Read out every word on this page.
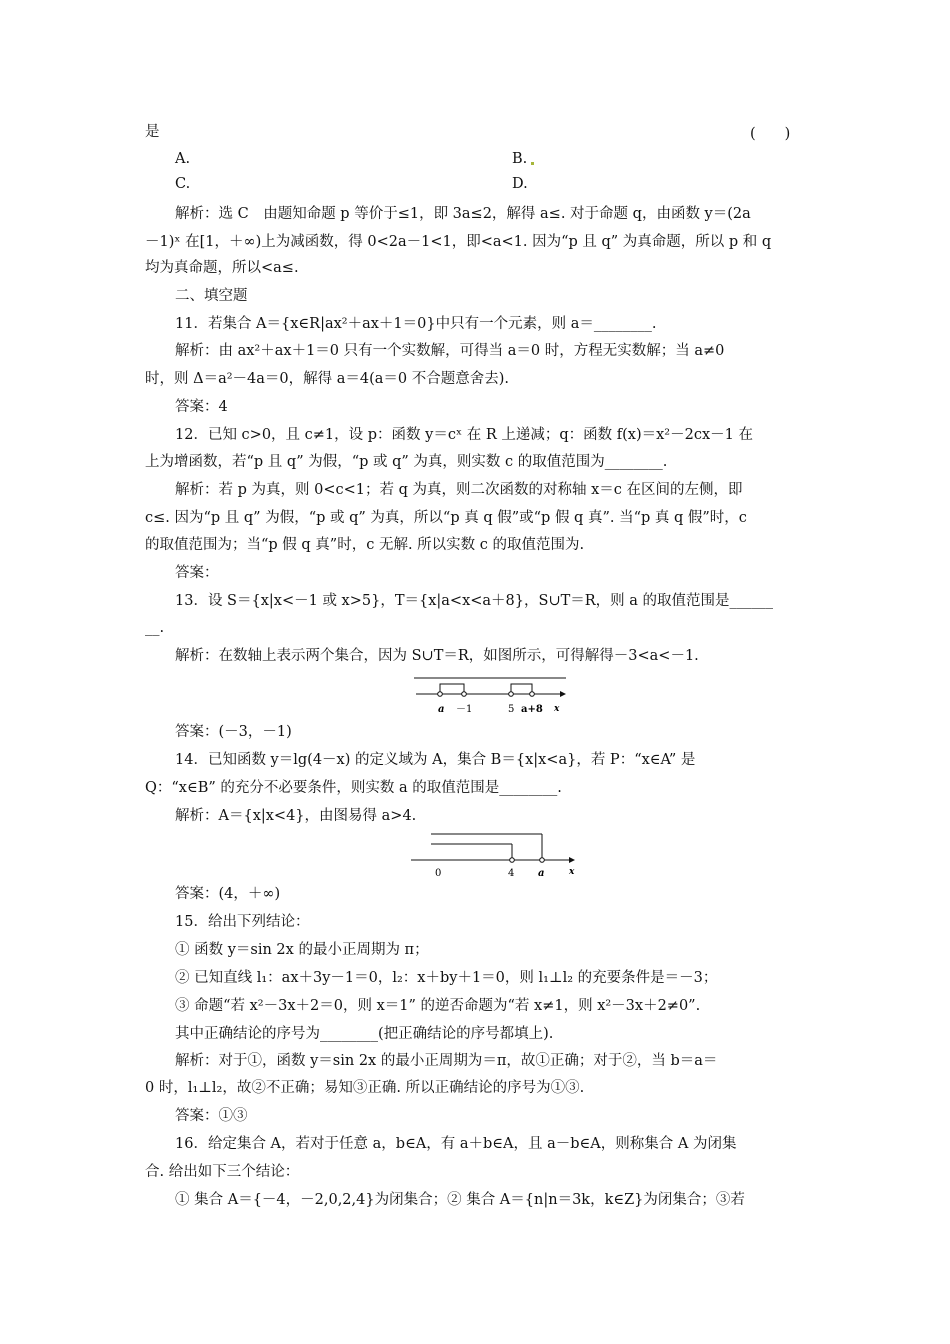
是	(　　)
A.	B.
C.	D.
解析：选 C　由题知命题 p 等价于≤1，即 3a≤2，解得 a≤. 对于命题 q，由函数 y＝(2a
－1)ˣ 在[1，＋∞)上为减函数，得 0<2a－1<1，即<a<1. 因为“p 且 q” 为真命题，所以 p 和 q
均为真命题，所以<a≤.
二、填空题
11．若集合 A＝{x∈R|ax²＋ax＋1＝0}中只有一个元素，则 a＝________.
解析：由 ax²＋ax＋1＝0 只有一个实数解，可得当 a＝0 时，方程无实数解；当 a≠0
时，则 Δ＝a²－4a＝0，解得 a＝4(a＝0 不合题意舍去).
答案：4
12．已知 c>0，且 c≠1，设 p：函数 y＝cˣ 在 R 上递减；q：函数 f(x)＝x²－2cx－1 在
上为增函数，若“p 且 q” 为假，“p 或 q” 为真，则实数 c 的取值范围为________.
解析：若 p 为真，则 0<c<1；若 q 为真，则二次函数的对称轴 x＝c 在区间的左侧，即
c≤. 因为“p 且 q” 为假，“p 或 q” 为真，所以“p 真 q 假”或“p 假 q 真”. 当“p 真 q 假”时，c
的取值范围为；当“p 假 q 真”时，c 无解. 所以实数 c 的取值范围为.
答案：
13．设 S＝{x|x<－1 或 x>5}，T＝{x|a<x<a＋8}，S∪T＝R，则 a 的取值范围是______
__.
解析：在数轴上表示两个集合，因为 S∪T＝R，如图所示，可得解得－3<a<－1.
a －1	5 a+8 x
答案：(－3，－1)
14．已知函数 y＝lg(4－x) 的定义域为 A，集合 B＝{x|x<a}，若 P：“x∈A” 是
Q：“x∈B” 的充分不必要条件，则实数 a 的取值范围是________.
解析：A＝{x|x<4}，由图易得 a>4.
0	4 a	x
答案：(4，＋∞)
15．给出下列结论：
① 函数 y＝sin 2x 的最小正周期为 π；
② 已知直线 l₁：ax＋3y－1＝0，l₂：x＋by＋1＝0，则 l₁⊥l₂ 的充要条件是＝－3；
③ 命题“若 x²－3x＋2＝0，则 x＝1” 的逆否命题为“若 x≠1，则 x²－3x＋2≠0”.
其中正确结论的序号为________(把正确结论的序号都填上).
解析：对于①，函数 y＝sin 2x 的最小正周期为＝π，故①正确；对于②，当 b＝a＝
0 时，l₁⊥l₂，故②不正确；易知③正确. 所以正确结论的序号为①③.
答案：①③
16．给定集合 A，若对于任意 a，b∈A，有 a＋b∈A，且 a－b∈A，则称集合 A 为闭集
合. 给出如下三个结论：
① 集合 A＝{－4，－2,0,2,4}为闭集合；② 集合 A＝{n|n＝3k，k∈Z}为闭集合；③若
